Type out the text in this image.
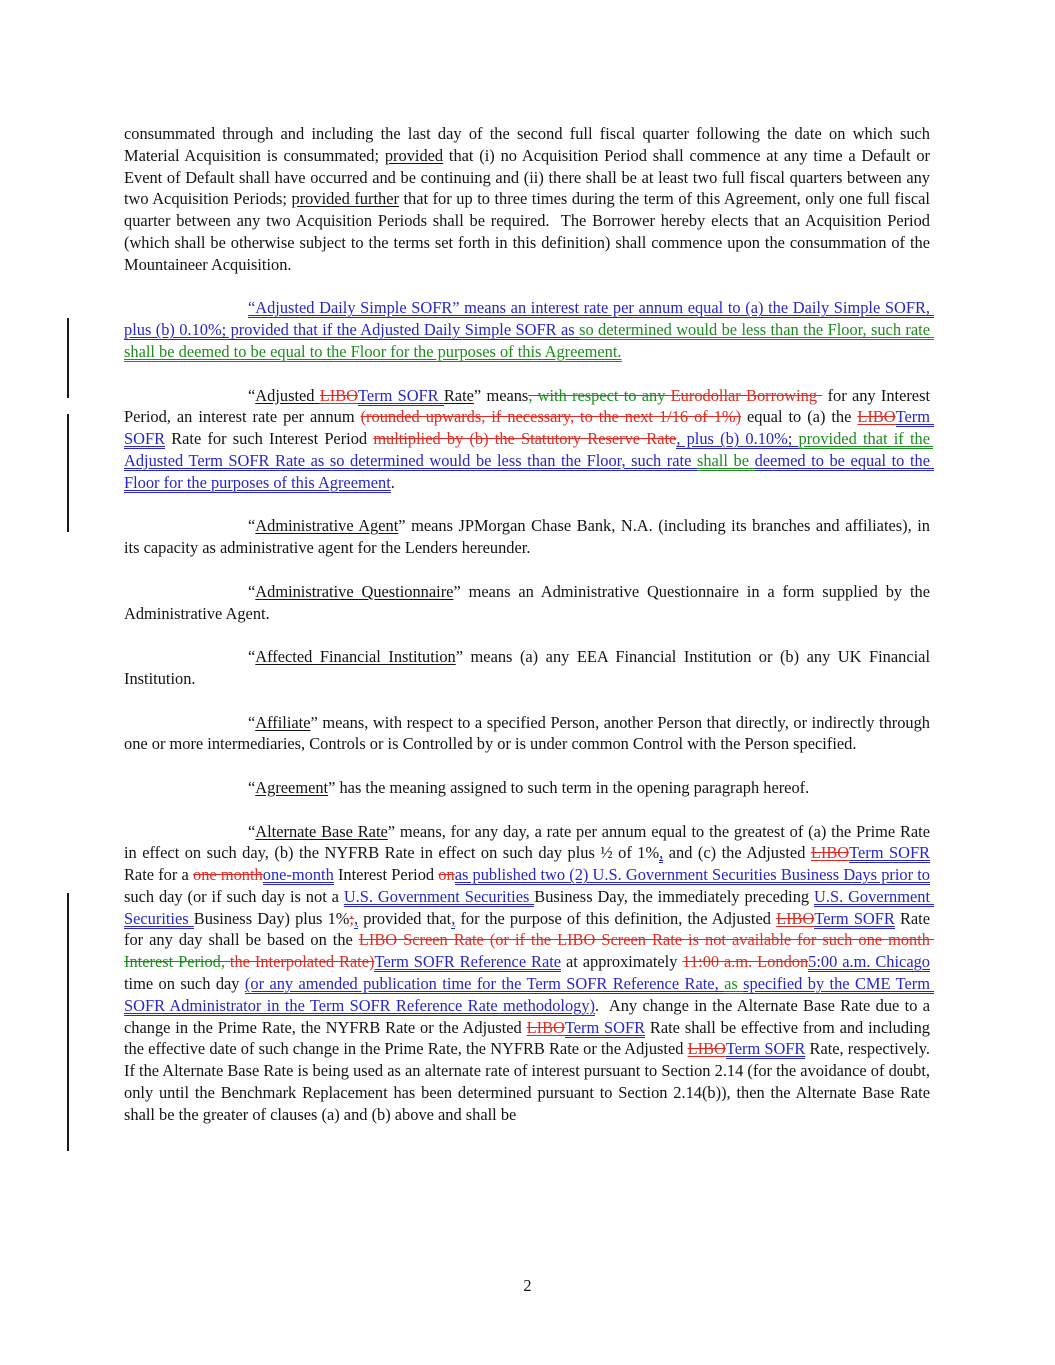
consummated through and including the last day of the second full fiscal quarter following the date on which such Material Acquisition is consummated; provided that (i) no Acquisition Period shall commence at any time a Default or Event of Default shall have occurred and be continuing and (ii) there shall be at least two full fiscal quarters between any two Acquisition Periods; provided further that for up to three times during the term of this Agreement, only one full fiscal quarter between any two Acquisition Periods shall be required.  The Borrower hereby elects that an Acquisition Period (which shall be otherwise subject to the terms set forth in this definition) shall commence upon the consummation of the Mountaineer Acquisition.

“Adjusted Daily Simple SOFR” means an interest rate per annum equal to (a) the Daily Simple SOFR, plus (b) 0.10%; provided that if the Adjusted Daily Simple SOFR as so determined would be less than the Floor, such rate shall be deemed to be equal to the Floor for the purposes of this Agreement.

“Adjusted LIBOTerm SOFR Rate” means, with respect to any Eurodollar Borrowing  for any Interest Period, an interest rate per annum (rounded upwards, if necessary, to the next 1/16 of 1%) equal to (a) the LIBOTerm SOFR Rate for such Interest Period multiplied by (b) the Statutory Reserve Rate, plus (b) 0.10%; provided that if the Adjusted Term SOFR Rate as so determined would be less than the Floor, such rate shall be deemed to be equal to the Floor for the purposes of this Agreement.

“Administrative Agent” means JPMorgan Chase Bank, N.A. (including its branches and affiliates), in its capacity as administrative agent for the Lenders hereunder.

“Administrative Questionnaire” means an Administrative Questionnaire in a form supplied by the Administrative Agent.

“Affected Financial Institution” means (a) any EEA Financial Institution or (b) any UK Financial Institution.

“Affiliate” means, with respect to a specified Person, another Person that directly, or indirectly through one or more intermediaries, Controls or is Controlled by or is under common Control with the Person specified.

“Agreement” has the meaning assigned to such term in the opening paragraph hereof.

“Alternate Base Rate” means, for any day, a rate per annum equal to the greatest of (a) the Prime Rate in effect on such day, (b) the NYFRB Rate in effect on such day plus ½ of 1%, and (c) the Adjusted LIBOTerm SOFR Rate for a one monthone-month Interest Period onas published two (2) U.S. Government Securities Business Days prior to such day (or if such day is not a U.S. Government Securities Business Day, the immediately preceding U.S. Government Securities Business Day) plus 1%;, provided that, for the purpose of this definition, the Adjusted LIBOTerm SOFR Rate for any day shall be based on the LIBO Screen Rate (or if the LIBO Screen Rate is not available for such one month Interest Period, the Interpolated Rate)Term SOFR Reference Rate at approximately 11:00 a.m. London5:00 a.m. Chicago time on such day (or any amended publication time for the Term SOFR Reference Rate, as specified by the CME Term SOFR Administrator in the Term SOFR Reference Rate methodology).  Any change in the Alternate Base Rate due to a change in the Prime Rate, the NYFRB Rate or the Adjusted LIBOTerm SOFR Rate shall be effective from and including the effective date of such change in the Prime Rate, the NYFRB Rate or the Adjusted LIBOTerm SOFR Rate, respectively.  If the Alternate Base Rate is being used as an alternate rate of interest pursuant to Section 2.14 (for the avoidance of doubt, only until the Benchmark Replacement has been determined pursuant to Section 2.14(b)), then the Alternate Base Rate shall be the greater of clauses (a) and (b) above and shall be

2
